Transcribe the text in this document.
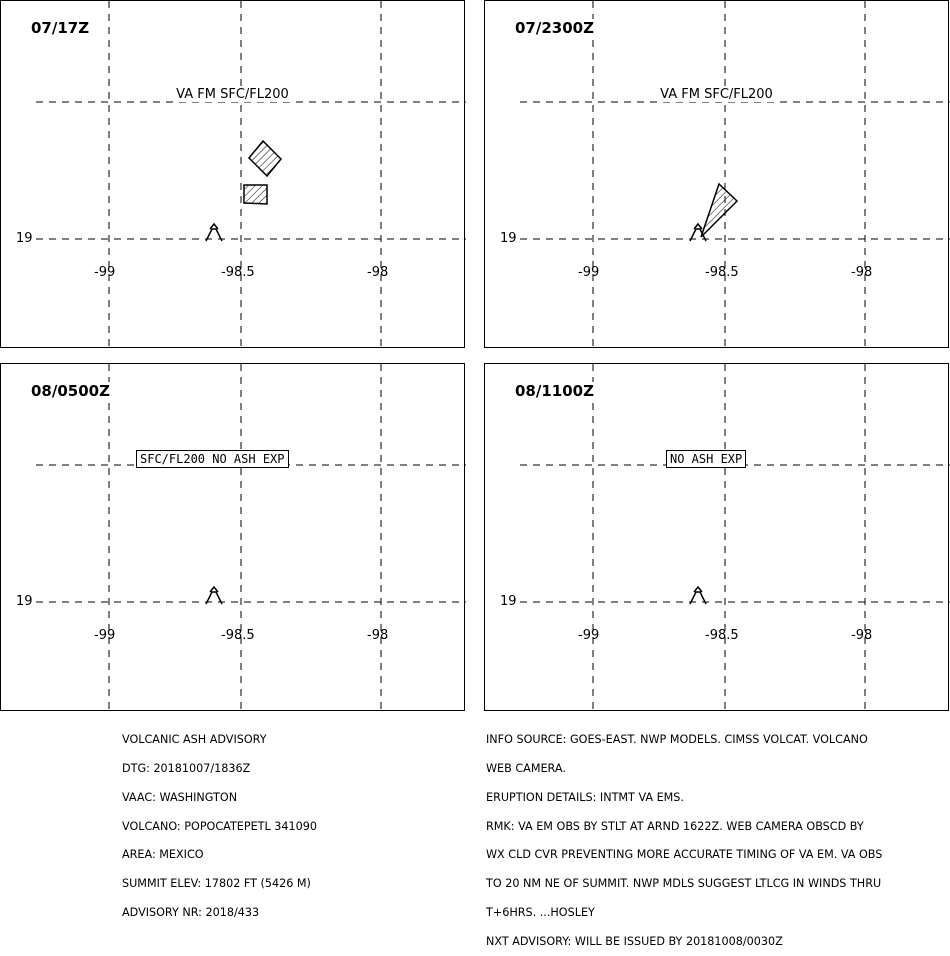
07/17Z
VA FM SFC/FL200
19
-99	-98.5	-98
07/2300Z
VA FM SFC/FL200
19
-99	-98.5	-98
08/0500Z
SFC/FL200 NO ASH EXP
19
-99	-98.5	-98
08/1100Z
NO ASH EXP
19
-99	-98.5	-98

VOLCANIC ASH ADVISORY

DTG: 20181007/1836Z

VAAC: WASHINGTON

VOLCANO: POPOCATEPETL 341090

AREA: MEXICO

SUMMIT ELEV: 17802 FT (5426 M)

ADVISORY NR: 2018/433

INFO SOURCE: GOES-EAST. NWP MODELS. CIMSS VOLCAT. VOLCANO

WEB CAMERA.

ERUPTION DETAILS: INTMT VA EMS.

RMK: VA EM OBS BY STLT AT ARND 1622Z. WEB CAMERA OBSCD BY

WX CLD CVR PREVENTING MORE ACCURATE TIMING OF VA EM. VA OBS

TO 20 NM NE OF SUMMIT. NWP MDLS SUGGEST LTLCG IN WINDS THRU

T+6HRS. ...HOSLEY

NXT ADVISORY: WILL BE ISSUED BY 20181008/0030Z
